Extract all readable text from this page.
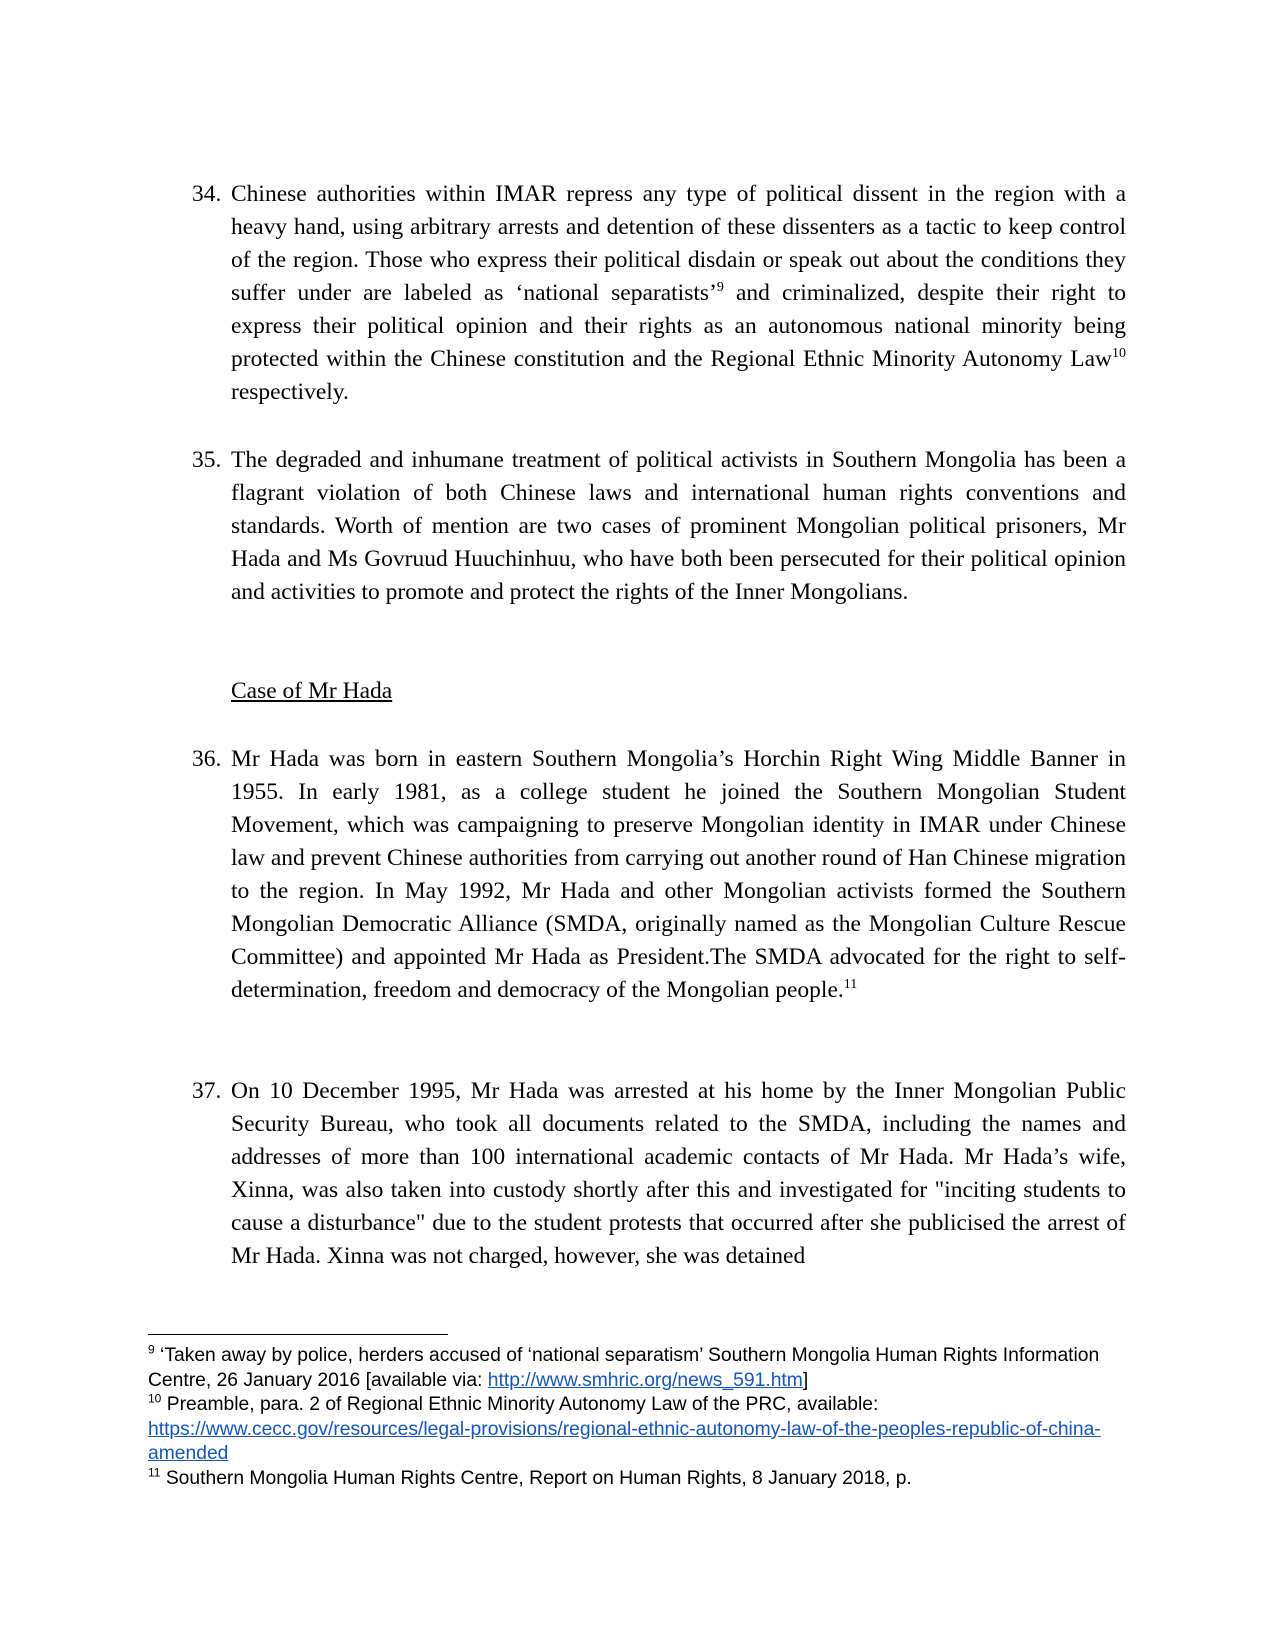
34. Chinese authorities within IMAR repress any type of political dissent in the region with a heavy hand, using arbitrary arrests and detention of these dissenters as a tactic to keep control of the region. Those who express their political disdain or speak out about the conditions they suffer under are labeled as ‘national separatists’$^9$ and criminalized, despite their right to express their political opinion and their rights as an autonomous national minority being protected within the Chinese constitution and the Regional Ethnic Minority Autonomy Law$^{10}$ respectively.
35. The degraded and inhumane treatment of political activists in Southern Mongolia has been a flagrant violation of both Chinese laws and international human rights conventions and standards. Worth of mention are two cases of prominent Mongolian political prisoners, Mr Hada and Ms Govruud Huuchinhuu, who have both been persecuted for their political opinion and activities to promote and protect the rights of the Inner Mongolians.
Case of Mr Hada
36. Mr Hada was born in eastern Southern Mongolia’s Horchin Right Wing Middle Banner in 1955. In early 1981, as a college student he joined the Southern Mongolian Student Movement, which was campaigning to preserve Mongolian identity in IMAR under Chinese law and prevent Chinese authorities from carrying out another round of Han Chinese migration to the region. In May 1992, Mr Hada and other Mongolian activists formed the Southern Mongolian Democratic Alliance (SMDA, originally named as the Mongolian Culture Rescue Committee) and appointed Mr Hada as President.The SMDA advocated for the right to self-determination, freedom and democracy of the Mongolian people.$^{11}$
37. On 10 December 1995, Mr Hada was arrested at his home by the Inner Mongolian Public Security Bureau, who took all documents related to the SMDA, including the names and addresses of more than 100 international academic contacts of Mr Hada. Mr Hada’s wife, Xinna, was also taken into custody shortly after this and investigated for "inciting students to cause a disturbance" due to the student protests that occurred after she publicised the arrest of Mr Hada. Xinna was not charged, however, she was detained
$^9$ ‘Taken away by police, herders accused of ‘national separatism’ Southern Mongolia Human Rights Information Centre, 26 January 2016 [available via: http://www.smhric.org/news_591.htm]
$^{10}$ Preamble, para. 2 of Regional Ethnic Minority Autonomy Law of the PRC, available: https://www.cecc.gov/resources/legal-provisions/regional-ethnic-autonomy-law-of-the-peoples-republic-of-china-amended
$^{11}$ Southern Mongolia Human Rights Centre, Report on Human Rights, 8 January 2018, p.
